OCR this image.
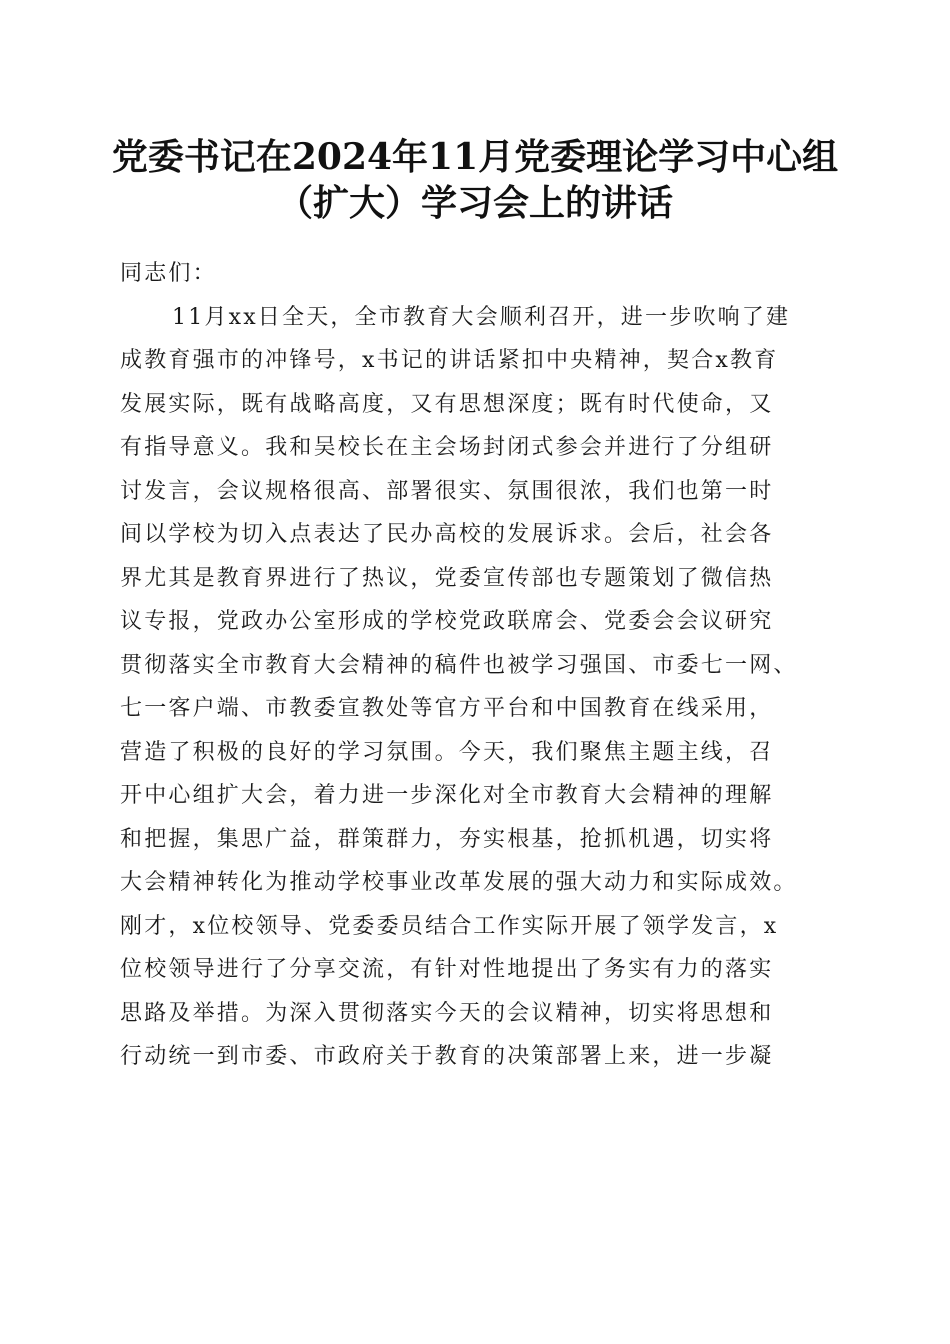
党委书记在2024年11月党委理论学习中心组
（扩大）学习会上的讲话
同志们：
11月xx日全天，全市教育大会顺利召开，进一步吹响了建
成教育强市的冲锋号，x书记的讲话紧扣中央精神，契合x教育
发展实际，既有战略高度，又有思想深度；既有时代使命，又
有指导意义。我和吴校长在主会场封闭式参会并进行了分组研
讨发言，会议规格很高、部署很实、氛围很浓，我们也第一时
间以学校为切入点表达了民办高校的发展诉求。会后，社会各
界尤其是教育界进行了热议，党委宣传部也专题策划了微信热
议专报，党政办公室形成的学校党政联席会、党委会会议研究
贯彻落实全市教育大会精神的稿件也被学习强国、市委七一网、
七一客户端、市教委宣教处等官方平台和中国教育在线采用，
营造了积极的良好的学习氛围。今天，我们聚焦主题主线，召
开中心组扩大会，着力进一步深化对全市教育大会精神的理解
和把握，集思广益，群策群力，夯实根基，抢抓机遇，切实将
大会精神转化为推动学校事业改革发展的强大动力和实际成效。
刚才，x位校领导、党委委员结合工作实际开展了领学发言，x
位校领导进行了分享交流，有针对性地提出了务实有力的落实
思路及举措。为深入贯彻落实今天的会议精神，切实将思想和
行动统一到市委、市政府关于教育的决策部署上来，进一步凝
